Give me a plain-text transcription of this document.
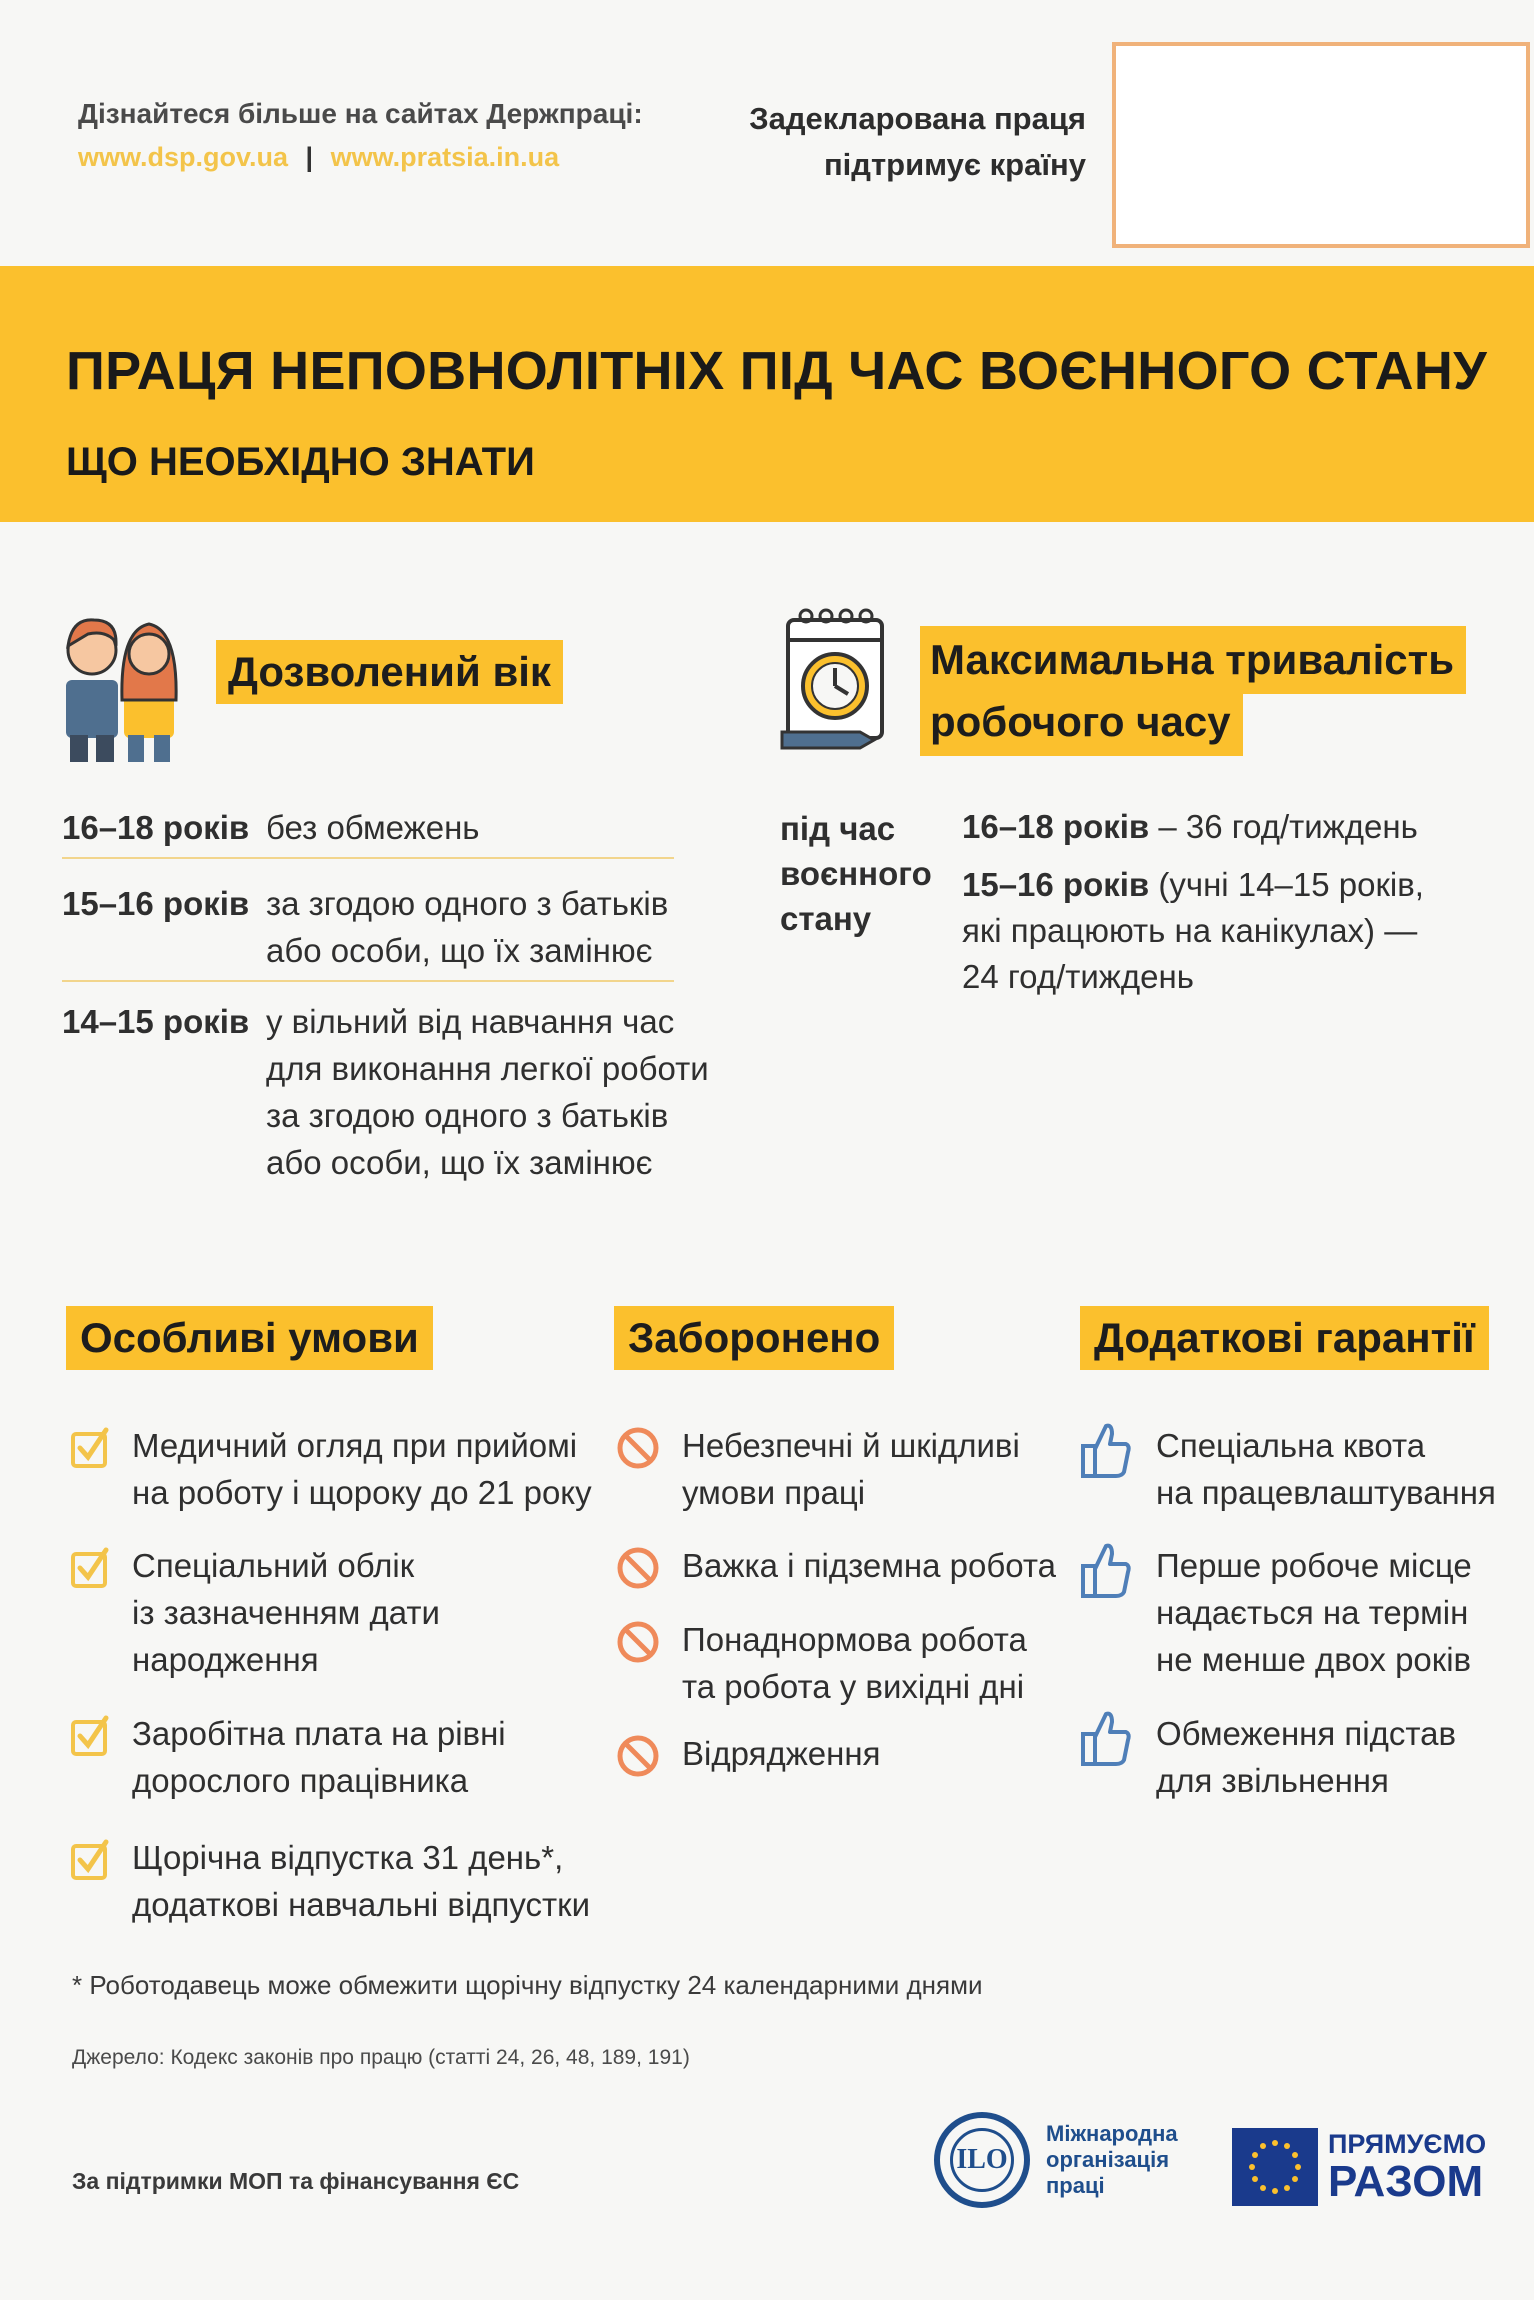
Дізнайтеся більше на сайтах Держпраці:
www.dsp.gov.ua | www.pratsia.in.ua
Задекларована праця
підтримує країну
ПРАЦЯ НЕПОВНОЛІТНІХ ПІД ЧАС ВОЄННОГО СТАНУ
ЩО НЕОБХІДНО ЗНАТИ
Дозволений вік
16–18 років без обмежень
15–16 років за згодою одного з батьків
або особи, що їх замінює
14–15 років у вільний від навчання час
для виконання легкої роботи
за згодою одного з батьків
або особи, що їх замінює
Максимальна тривалість
робочого часу
під час
воєнного
стану
16–18 років – 36 год/тиждень
15–16 років (учні 14–15 років,
які працюють на канікулах) —
24 год/тиждень
Особливі умови
Медичний огляд при прийомі
на роботу і щороку до 21 року
Спеціальний облік
із зазначенням дати
народження
Заробітна плата на рівні
дорослого працівника
Щорічна відпустка 31 день*,
додаткові навчальні відпустки
Заборонено
Небезпечні й шкідливі
умови праці
Важка і підземна робота
Понаднормова робота
та робота у вихідні дні
Відрядження
Додаткові гарантії
Спеціальна квота
на працевлаштування
Перше робоче місце
надається на термін
не менше двох років
Обмеження підстав
для звільнення
* Роботодавець може обмежити щорічну відпустку 24 календарними днями
Джерело: Кодекс законів про працю (статті 24, 26, 48, 189, 191)
За підтримки МОП та фінансування ЄС
ILO
Міжнародна
організація
праці
ПРЯМУЄМО
РАЗОМ
